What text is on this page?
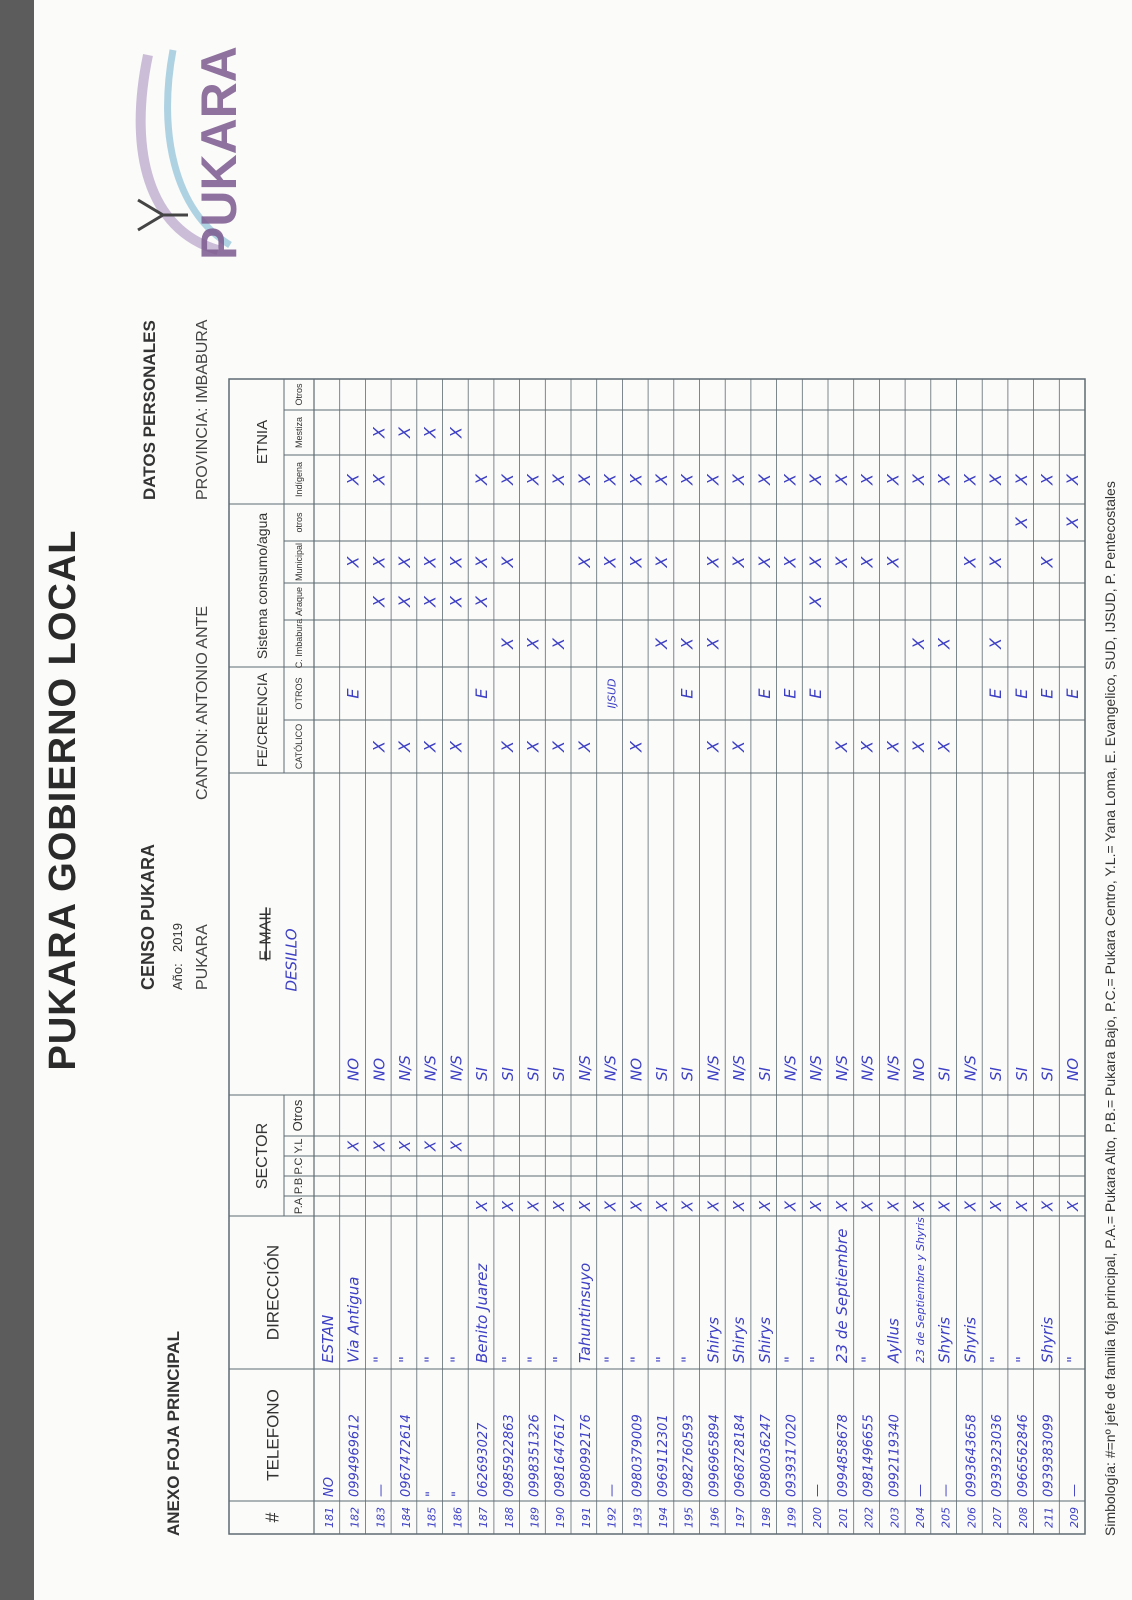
PUKARA GOBIERNO LOCAL
ANEXO FOJA PRINCIPAL
CENSO PUKARA Año:
2019 PUKARA
CANTON: ANTONIO ANTE
DATOS PERSONALES PROVINCIA: IMBABURA
PUKARA
#
TELEFONO
DIRECCIÓN
SECTOR
P.A
P.B
P.C
Y.L
Otros
E-MAIL DESILLO
FE/CREENCIA	CATÓLICO
OTROS
Sistema consumo/agua	C. Imbabura
Araque
Municipal
otros
ETNIA
Indígena
Mestiza
Otros
181
NO
ESTAN
182
0994969612
Via Antigua
X
NO
E
X
X
183
—
"
X
NO
X
X
X
X
X
184
0967472614
"
X
N/S
X
X
X
X
185
"
"
X
N/S
X
X
X
X
186
"
"
X
N/S
X
X
X
X
187
062693027
Benito Juarez
X
SI
E
X
X
X
188
0985922863
"
X
SI
X
X
X
X
189
0998351326
"
X
SI
X
X
X
190
0981647617
"
X
SI
X
X
X
191
0980992176
Tahuntinsuyo
X
N/S
X
X
X
192
—
"
X
N/S
IJSUD
X
X
193
0980379009
"
X
NO
X
X
X
194
0969112301
"
X
SI
X
X
X
195
0982760593
"
X
SI
E
X
X
196
0996965894
Shirys
X
N/S
X
X
X
X
197
0968728184
Shirys
X
N/S
X
X
X
198
0980036247
Shirys
X
SI
E
X
X
199
0939317020
"
X
N/S
E
X
X
200
—
"
X
N/S
E
X
X
X
201
0994858678
23 de Septiembre
X
N/S
X
X
X
202
0981496655
"
X
N/S
X
X
X
203
0992119340
Ayllus
X
N/S
X
X
X
204
—
23 de Septiembre y Shyris
X
NO
X
X
X
205
—
Shyris
X
SI
X
X
X
206
0993643658
Shyris
X
N/S
X
X
207
0939323036
"
X
SI
E
X
X
X
208
0966562846
"
X
SI
E
X
X
211
0939383099
Shyris
X
SI
E
X
X
209
—
"
X
NO
E
X
X
Simbología: #=nº jefe de familia foja principal, P.A.= Pukara Alto, P.B.= Pukara Bajo, P.C.= Pukara Centro, Y.L.= Yana Loma, E. Evangelico, SUD, IJSUD, P. Pentecostales
